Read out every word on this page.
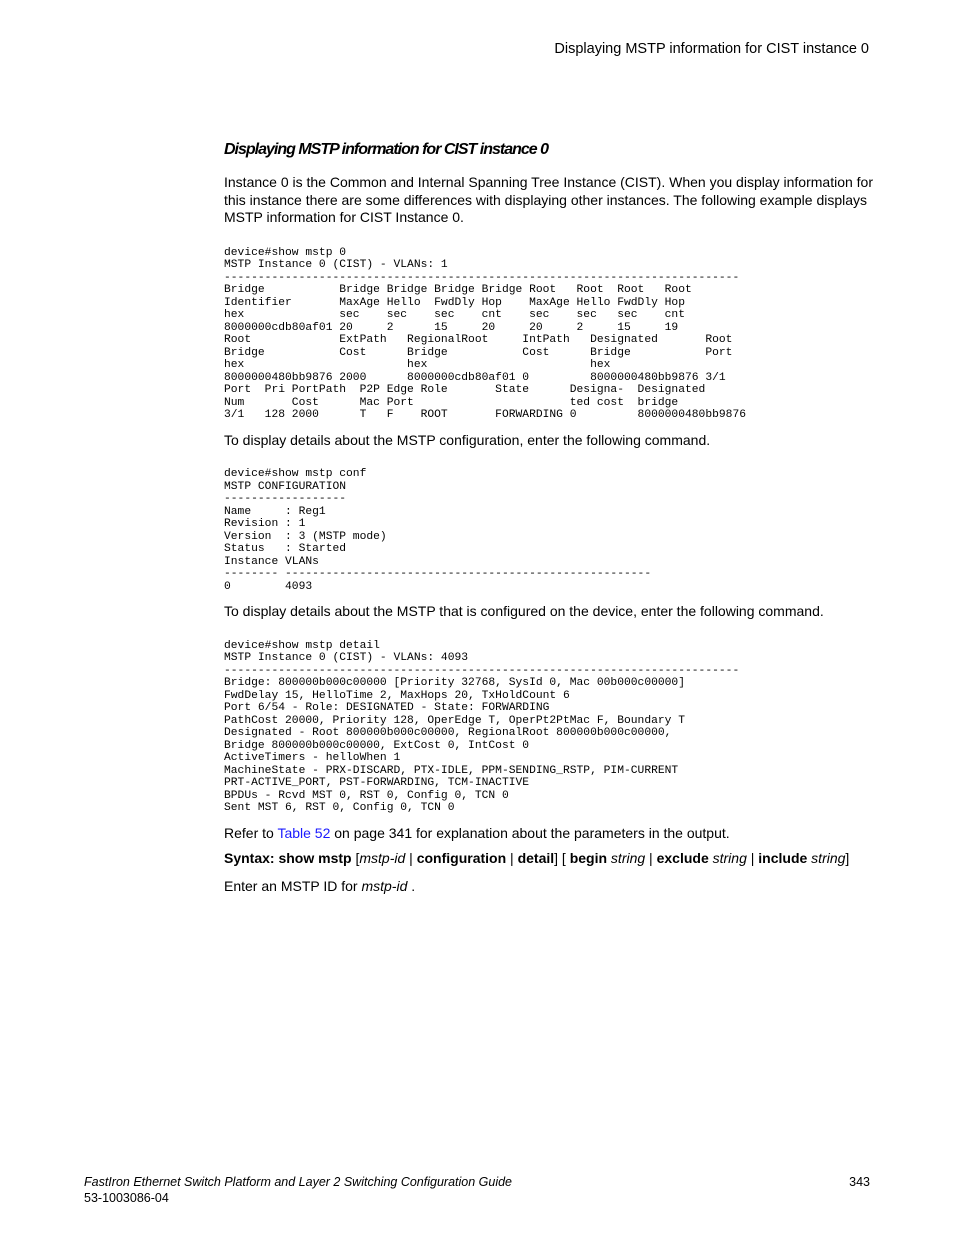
Displaying MSTP information for CIST instance 0
Displaying MSTP information for CIST instance 0

Instance 0 is the Common and Internal Spanning Tree Instance (CIST). When you display information for this instance there are some differences with displaying other instances. The following example displays MSTP information for CIST Instance 0.

device#show mstp 0
MSTP Instance 0 (CIST) - VLANs: 1
----------------------------------------------------------------------------
Bridge           Bridge Bridge Bridge Bridge Root   Root  Root   Root
Identifier       MaxAge Hello  FwdDly Hop    MaxAge Hello FwdDly Hop
hex              sec    sec    sec    cnt    sec    sec   sec    cnt
8000000cdb80af01 20     2      15     20     20     2     15     19
Root             ExtPath   RegionalRoot     IntPath   Designated       Root
Bridge           Cost      Bridge           Cost      Bridge           Port
hex                        hex                        hex
8000000480bb9876 2000      8000000cdb80af01 0         8000000480bb9876 3/1
Port  Pri PortPath  P2P Edge Role       State      Designa-  Designated
Num       Cost      Mac Port                       ted cost  bridge
3/1   128 2000      T   F    ROOT       FORWARDING 0         8000000480bb9876

To display details about the MSTP configuration, enter the following command.

device#show mstp conf
MSTP CONFIGURATION
------------------
Name     : Reg1
Revision : 1
Version  : 3 (MSTP mode)
Status   : Started
Instance VLANs
-------- ------------------------------------------------------
0        4093

To display details about the MSTP that is configured on the device, enter the following command.

device#show mstp detail
MSTP Instance 0 (CIST) - VLANs: 4093
----------------------------------------------------------------------------
Bridge: 800000b000c00000 [Priority 32768, SysId 0, Mac 00b000c00000]
FwdDelay 15, HelloTime 2, MaxHops 20, TxHoldCount 6
Port 6/54 - Role: DESIGNATED - State: FORWARDING
PathCost 20000, Priority 128, OperEdge T, OperPt2PtMac F, Boundary T
Designated - Root 800000b000c00000, RegionalRoot 800000b000c00000,
Bridge 800000b000c00000, ExtCost 0, IntCost 0
ActiveTimers - helloWhen 1
MachineState - PRX-DISCARD, PTX-IDLE, PPM-SENDING_RSTP, PIM-CURRENT
PRT-ACTIVE_PORT, PST-FORWARDING, TCM-INACTIVE
BPDUs - Rcvd MST 0, RST 0, Config 0, TCN 0
Sent MST 6, RST 0, Config 0, TCN 0

Refer to Table 52 on page 341 for explanation about the parameters in the output.

Syntax: show mstp [mstp-id | configuration | detail] [ begin string | exclude string | include string]

Enter an MSTP ID for mstp-id .

FastIron Ethernet Switch Platform and Layer 2 Switching Configuration Guide
53-1003086-04
343
